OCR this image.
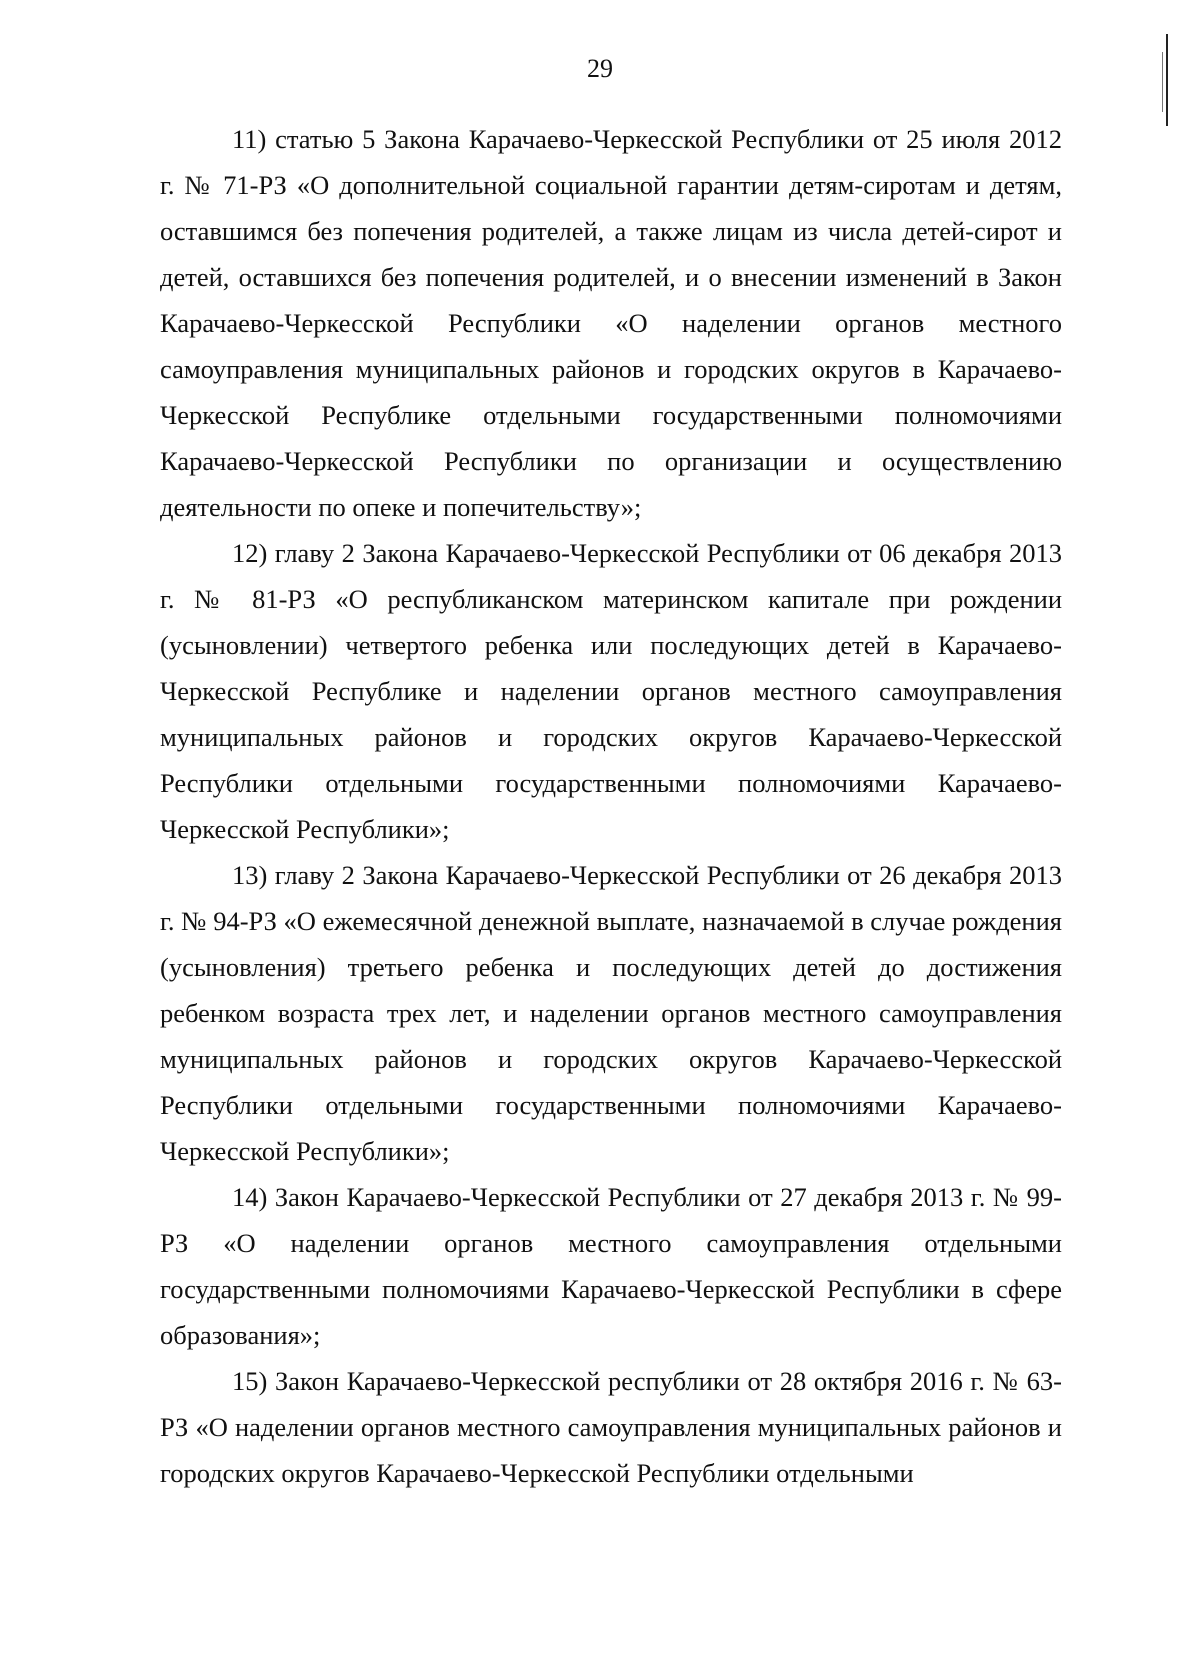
29

11) статью 5 Закона Карачаево-Черкесской Республики от 25 июля 2012 г. № 71-РЗ «О дополнительной социальной гарантии детям-сиротам и детям, оставшимся без попечения родителей, а также лицам из числа детей-сирот и детей, оставшихся без попечения родителей, и о внесении изменений в Закон Карачаево-Черкесской Республики «О наделении органов местного самоуправления муниципальных районов и городских округов в Карачаево-Черкесской Республике отдельными государственными полномочиями Карачаево-Черкесской Республики по организации и осуществлению деятельности по опеке и попечительству»;

12) главу 2 Закона Карачаево-Черкесской Республики от 06 декабря 2013 г. № 81-РЗ «О республиканском материнском капитале при рождении (усыновлении) четвертого ребенка или последующих детей в Карачаево-Черкесской Республике и наделении органов местного самоуправления муниципальных районов и городских округов Карачаево-Черкесской Республики отдельными государственными полномочиями Карачаево-Черкесской Республики»;

13) главу 2 Закона Карачаево-Черкесской Республики от 26 декабря 2013 г. № 94-РЗ «О ежемесячной денежной выплате, назначаемой в случае рождения (усыновления) третьего ребенка и последующих детей до достижения ребенком возраста трех лет, и наделении органов местного самоуправления муниципальных районов и городских округов Карачаево-Черкесской Республики отдельными государственными полномочиями Карачаево-Черкесской Республики»;

14) Закон Карачаево-Черкесской Республики от 27 декабря 2013 г. № 99-РЗ «О наделении органов местного самоуправления отдельными государственными полномочиями Карачаево-Черкесской Республики в сфере образования»;

15) Закон Карачаево-Черкесской республики от 28 октября 2016 г. № 63-РЗ «О наделении органов местного самоуправления муниципальных районов и городских округов Карачаево-Черкесской Республики отдельными
